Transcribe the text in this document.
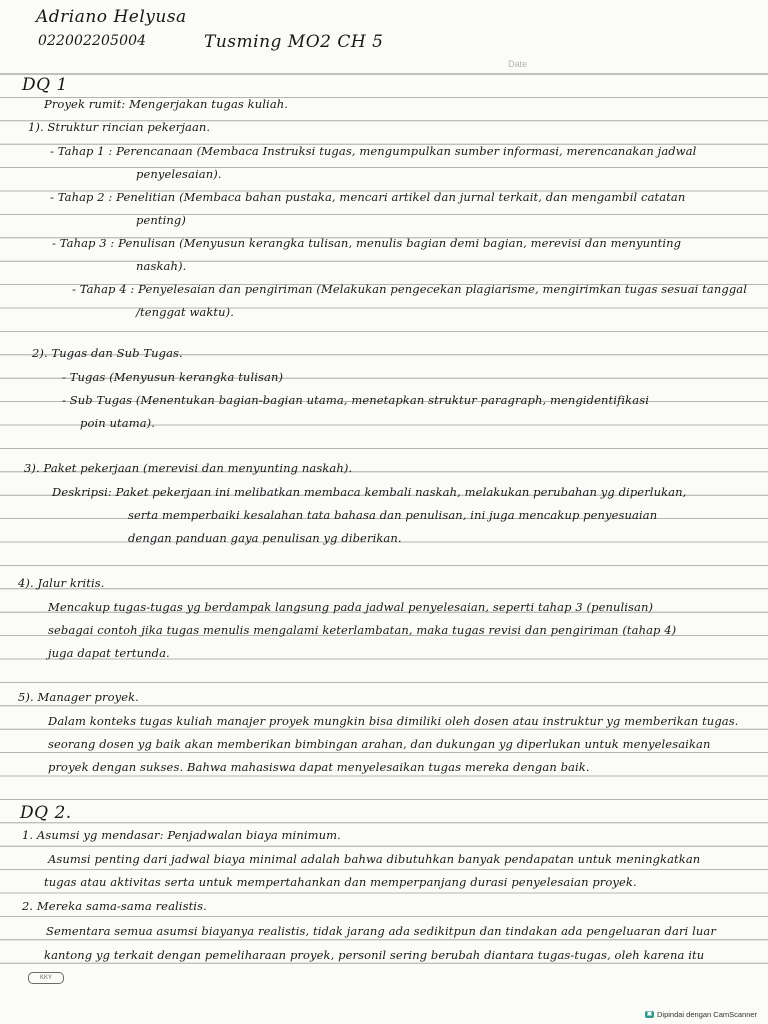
Adriano Helyusa
022002205004	Tusming MO2 CH 5
Date
DQ 1
Proyek rumit: Mengerjakan tugas kuliah.
1). Struktur rincian pekerjaan.
- Tahap 1 : Perencanaan (Membaca Instruksi tugas, mengumpulkan sumber informasi, merencanakan jadwal
penyelesaian).
- Tahap 2 : Penelitian (Membaca bahan pustaka, mencari artikel dan jurnal terkait, dan mengambil catatan
penting)
- Tahap 3 : Penulisan (Menyusun kerangka tulisan, menulis bagian demi bagian, merevisi dan menyunting
naskah).
- Tahap 4 : Penyelesaian dan pengiriman (Melakukan pengecekan plagiarisme, mengirimkan tugas sesuai tanggal
/tenggat waktu).
2). Tugas dan Sub Tugas.
- Tugas (Menyusun kerangka tulisan)
- Sub Tugas (Menentukan bagian-bagian utama, menetapkan struktur paragraph, mengidentifikasi
poin utama).
3). Paket pekerjaan (merevisi dan menyunting naskah).
Deskripsi: Paket pekerjaan ini melibatkan membaca kembali naskah, melakukan perubahan yg diperlukan,
serta memperbaiki kesalahan tata bahasa dan penulisan, ini juga mencakup penyesuaian
dengan panduan gaya penulisan yg diberikan.
4). Jalur kritis.
Mencakup tugas-tugas yg berdampak langsung pada jadwal penyelesaian, seperti tahap 3 (penulisan)
sebagai contoh jika tugas menulis mengalami keterlambatan, maka tugas revisi dan pengiriman (tahap 4)
juga dapat tertunda.
5). Manager proyek.
Dalam konteks tugas kuliah manajer proyek mungkin bisa dimiliki oleh dosen atau instruktur yg memberikan tugas.
seorang dosen yg baik akan memberikan bimbingan arahan, dan dukungan yg diperlukan untuk menyelesaikan
proyek dengan sukses. Bahwa mahasiswa dapat menyelesaikan tugas mereka dengan baik.
DQ 2.
1. Asumsi yg mendasar: Penjadwalan biaya minimum.
Asumsi penting dari jadwal biaya minimal adalah bahwa dibutuhkan banyak pendapatan untuk meningkatkan
tugas atau aktivitas serta untuk mempertahankan dan memperpanjang durasi penyelesaian proyek.
2. Mereka sama-sama realistis.
Sementara semua asumsi biayanya realistis, tidak jarang ada sedikitpun dan tindakan ada pengeluaran dari luar
kantong yg terkait dengan pemeliharaan proyek, personil sering berubah diantara tugas-tugas, oleh karena itu
KKY
▣ Dipindai dengan CamScanner
